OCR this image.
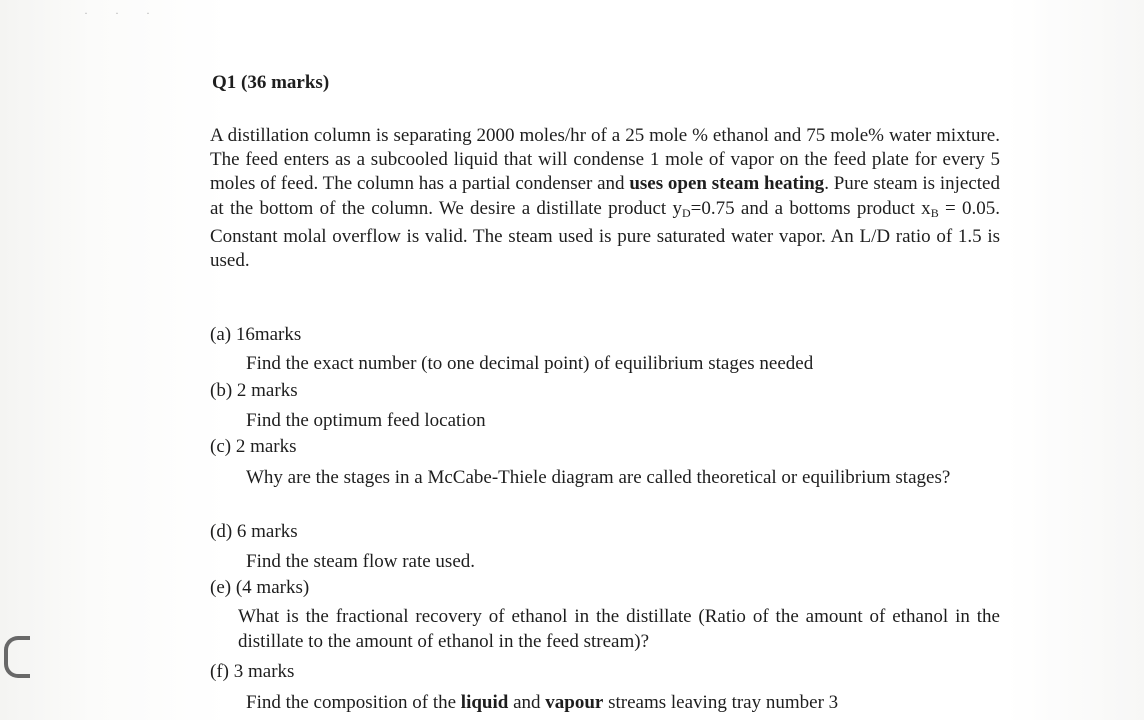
· · ·
Q1 (36 marks)
A distillation column is separating 2000 moles/hr of a 25 mole % ethanol and 75 mole% water mixture. The feed enters as a subcooled liquid that will condense 1 mole of vapor on the feed plate for every 5 moles of feed. The column has a partial condenser and uses open steam heating. Pure steam is injected at the bottom of the column. We desire a distillate product $y_D=0.75$ and a bottoms product $x_B = 0.05$. Constant molal overflow is valid. The steam used is pure saturated water vapor. An L/D ratio of 1.5 is used.
(a) 16marks
Find the exact number (to one decimal point) of equilibrium stages needed
(b) 2 marks
Find the optimum feed location
(c) 2 marks
Why are the stages in a McCabe-Thiele diagram are called theoretical or equilibrium stages?
(d) 6 marks
Find the steam flow rate used.
(e) (4 marks)
What is the fractional recovery of ethanol in the distillate (Ratio of the amount of ethanol in the distillate to the amount of ethanol in the feed stream)?
(f) 3 marks
Find the composition of the liquid and vapour streams leaving tray number 3
